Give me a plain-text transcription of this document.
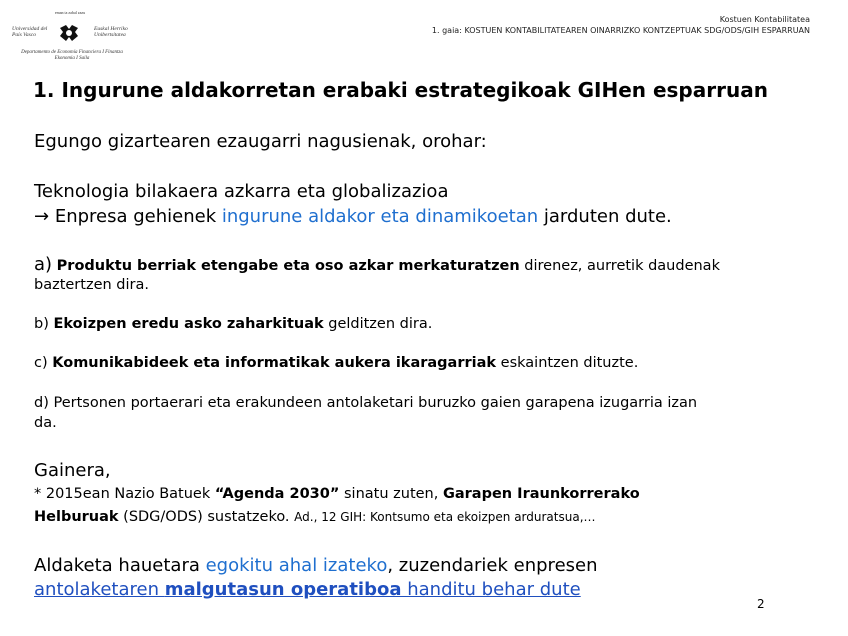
eman ta zabal zazu
Universidad del País Vasco
Euskal Herriko Unibertsitatea
Departamento de Economía Financiera I Finantza Ekonomia I Saila
Kostuen Kontabilitatea
1. gaia: KOSTUEN KONTABILITATEAREN OINARRIZKO KONTZEPTUAK SDG/ODS/GIH ESPARRUAN
1. Ingurune aldakorretan erabaki estrategikoak GIHen esparruan
Egungo gizartearen ezaugarri nagusienak, orohar:
Teknologia bilakaera azkarra eta globalizazioa
→ Enpresa gehienek ingurune aldakor eta dinamikoetan jarduten dute.
a) Produktu berriak etengabe eta oso azkar merkaturatzen direnez, aurretik daudenak
baztertzen dira.
b) Ekoizpen eredu asko zaharkituak gelditzen dira.
c) Komunikabideek eta informatikak aukera ikaragarriak eskaintzen dituzte.
d) Pertsonen portaerari eta erakundeen antolaketari buruzko gaien garapena izugarria izan
da.
Gainera,
* 2015ean Nazio Batuek “Agenda 2030” sinatu zuten, Garapen Iraunkorrerako
Helburuak (SDG/ODS) sustatzeko. Ad., 12 GIH: Kontsumo eta ekoizpen arduratsua,…
Aldaketa hauetara egokitu ahal izateko, zuzendariek enpresen
antolaketaren malgutasun operatiboa handitu behar dute
2
